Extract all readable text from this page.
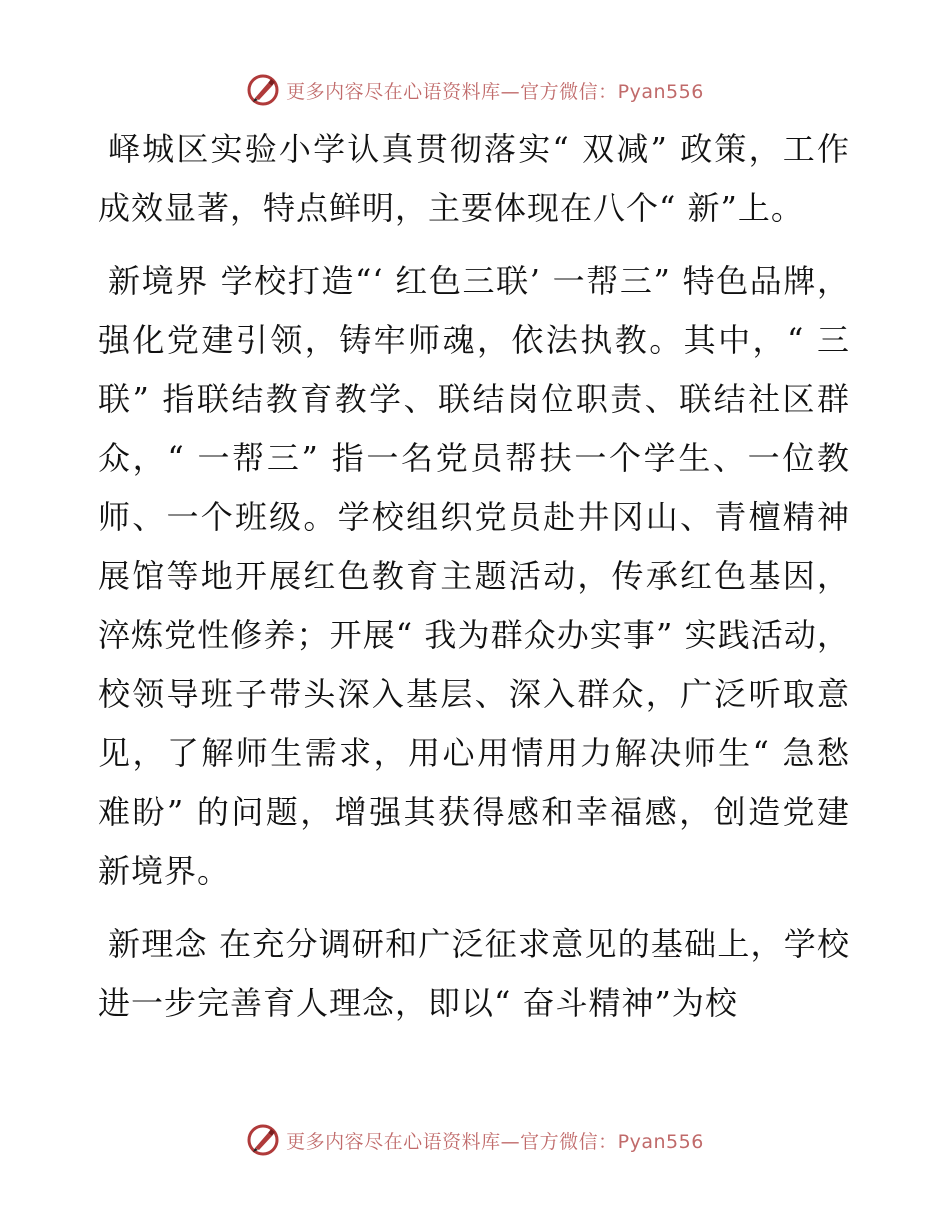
更多内容尽在心语资料库—官方微信：Pyan556

峄城区实验小学认真贯彻落实“ 双减” 政策，工作成效显著，特点鲜明，主要体现在八个“ 新”上。

新境界 学校打造“‘ 红色三联’ 一帮三” 特色品牌，强化党建引领，铸牢师魂，依法执教。其中，“ 三联” 指联结教育教学、联结岗位职责、联结社区群众，“ 一帮三” 指一名党员帮扶一个学生、一位教师、一个班级。学校组织党员赴井冈山、青檀精神展馆等地开展红色教育主题活动，传承红色基因，淬炼党性修养；开展“ 我为群众办实事” 实践活动，校领导班子带头深入基层、深入群众，广泛听取意见，了解师生需求，用心用情用力解决师生“ 急愁难盼” 的问题，增强其获得感和幸福感，创造党建新境界。

新理念 在充分调研和广泛征求意见的基础上，学校进一步完善育人理念，即以“ 奋斗精神”为校

更多内容尽在心语资料库—官方微信：Pyan556
